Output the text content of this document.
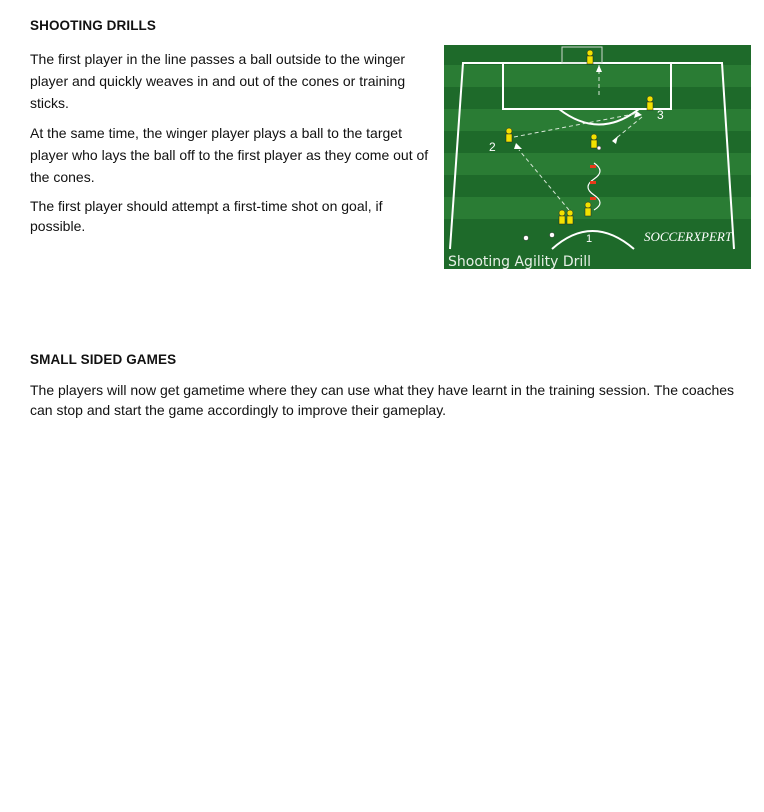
SHOOTING DRILLS

The first player in the line passes a ball outside to the winger player and quickly weaves in and out of the cones or training sticks.

At the same time, the winger player plays a ball to the target player who lays the ball off to the first player as they come out of the cones.

The first player should attempt a first-time shot on goal, if possible.

2
3
1	SOCCERXPERT
Shooting Agility Drill
SMALL SIDED GAMES

The players will now get gametime where they can use what they have learnt in the training session. The coaches can stop and start the game accordingly to improve their gameplay.
